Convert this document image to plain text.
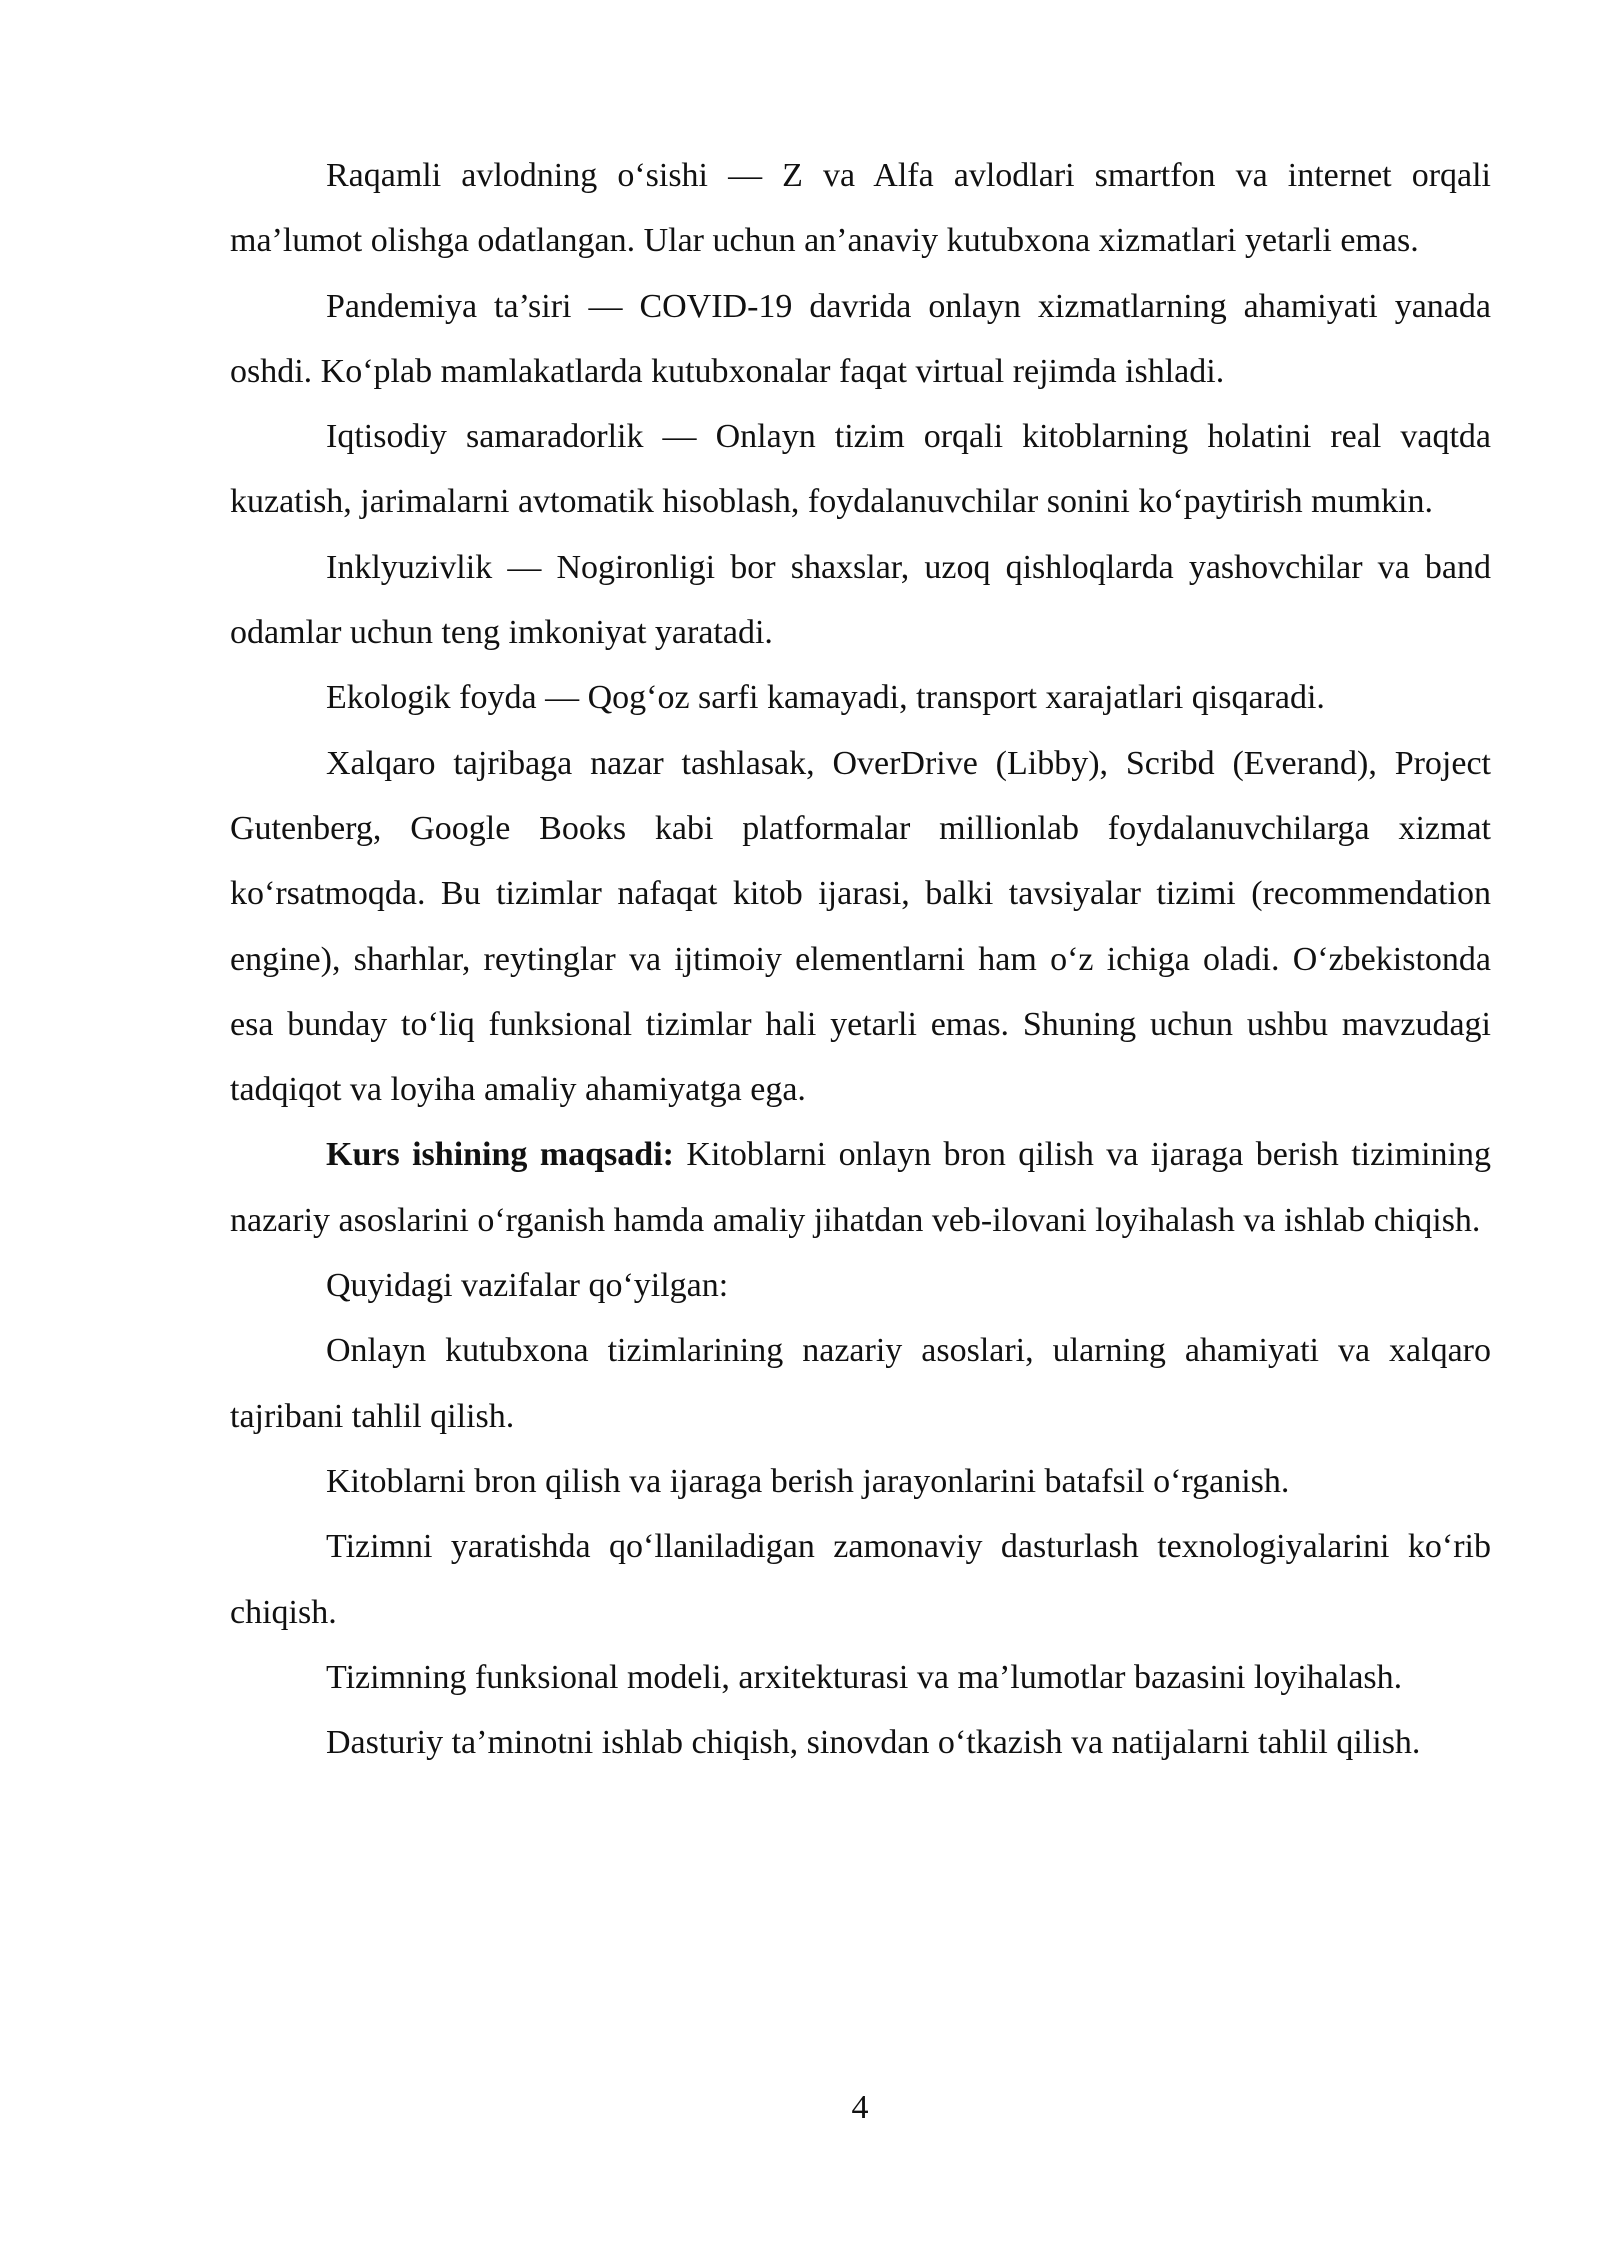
Raqamli avlodning o‘sishi — Z va Alfa avlodlari smartfon va internet orqali ma’lumot olishga odatlangan. Ular uchun an’anaviy kutubxona xizmatlari yetarli emas.

Pandemiya ta’siri — COVID-19 davrida onlayn xizmatlarning ahamiyati yanada oshdi. Ko‘plab mamlakatlarda kutubxonalar faqat virtual rejimda ishladi.

Iqtisodiy samaradorlik — Onlayn tizim orqali kitoblarning holatini real vaqtda kuzatish, jarimalarni avtomatik hisoblash, foydalanuvchilar sonini ko‘paytirish mumkin.

Inklyuzivlik — Nogironligi bor shaxslar, uzoq qishloqlarda yashovchilar va band odamlar uchun teng imkoniyat yaratadi.

Ekologik foyda — Qog‘oz sarfi kamayadi, transport xarajatlari qisqaradi.

Xalqaro tajribaga nazar tashlasak, OverDrive (Libby), Scribd (Everand), Project Gutenberg, Google Books kabi platformalar millionlab foydalanuvchilarga xizmat ko‘rsatmoqda. Bu tizimlar nafaqat kitob ijarasi, balki tavsiyalar tizimi (recommendation engine), sharhlar, reytinglar va ijtimoiy elementlarni ham o‘z ichiga oladi. O‘zbekistonda esa bunday to‘liq funksional tizimlar hali yetarli emas. Shuning uchun ushbu mavzudagi tadqiqot va loyiha amaliy ahamiyatga ega.

Kurs ishining maqsadi: Kitoblarni onlayn bron qilish va ijaraga berish tizimining nazariy asoslarini o‘rganish hamda amaliy jihatdan veb-ilovani loyihalash va ishlab chiqish.

Quyidagi vazifalar qo‘yilgan:

Onlayn kutubxona tizimlarining nazariy asoslari, ularning ahamiyati va xalqaro tajribani tahlil qilish.

Kitoblarni bron qilish va ijaraga berish jarayonlarini batafsil o‘rganish.

Tizimni yaratishda qo‘llaniladigan zamonaviy dasturlash texnologiyalarini ko‘rib chiqish.

Tizimning funksional modeli, arxitekturasi va ma’lumotlar bazasini loyihalash.

Dasturiy ta’minotni ishlab chiqish, sinovdan o‘tkazish va natijalarni tahlil qilish.

4
